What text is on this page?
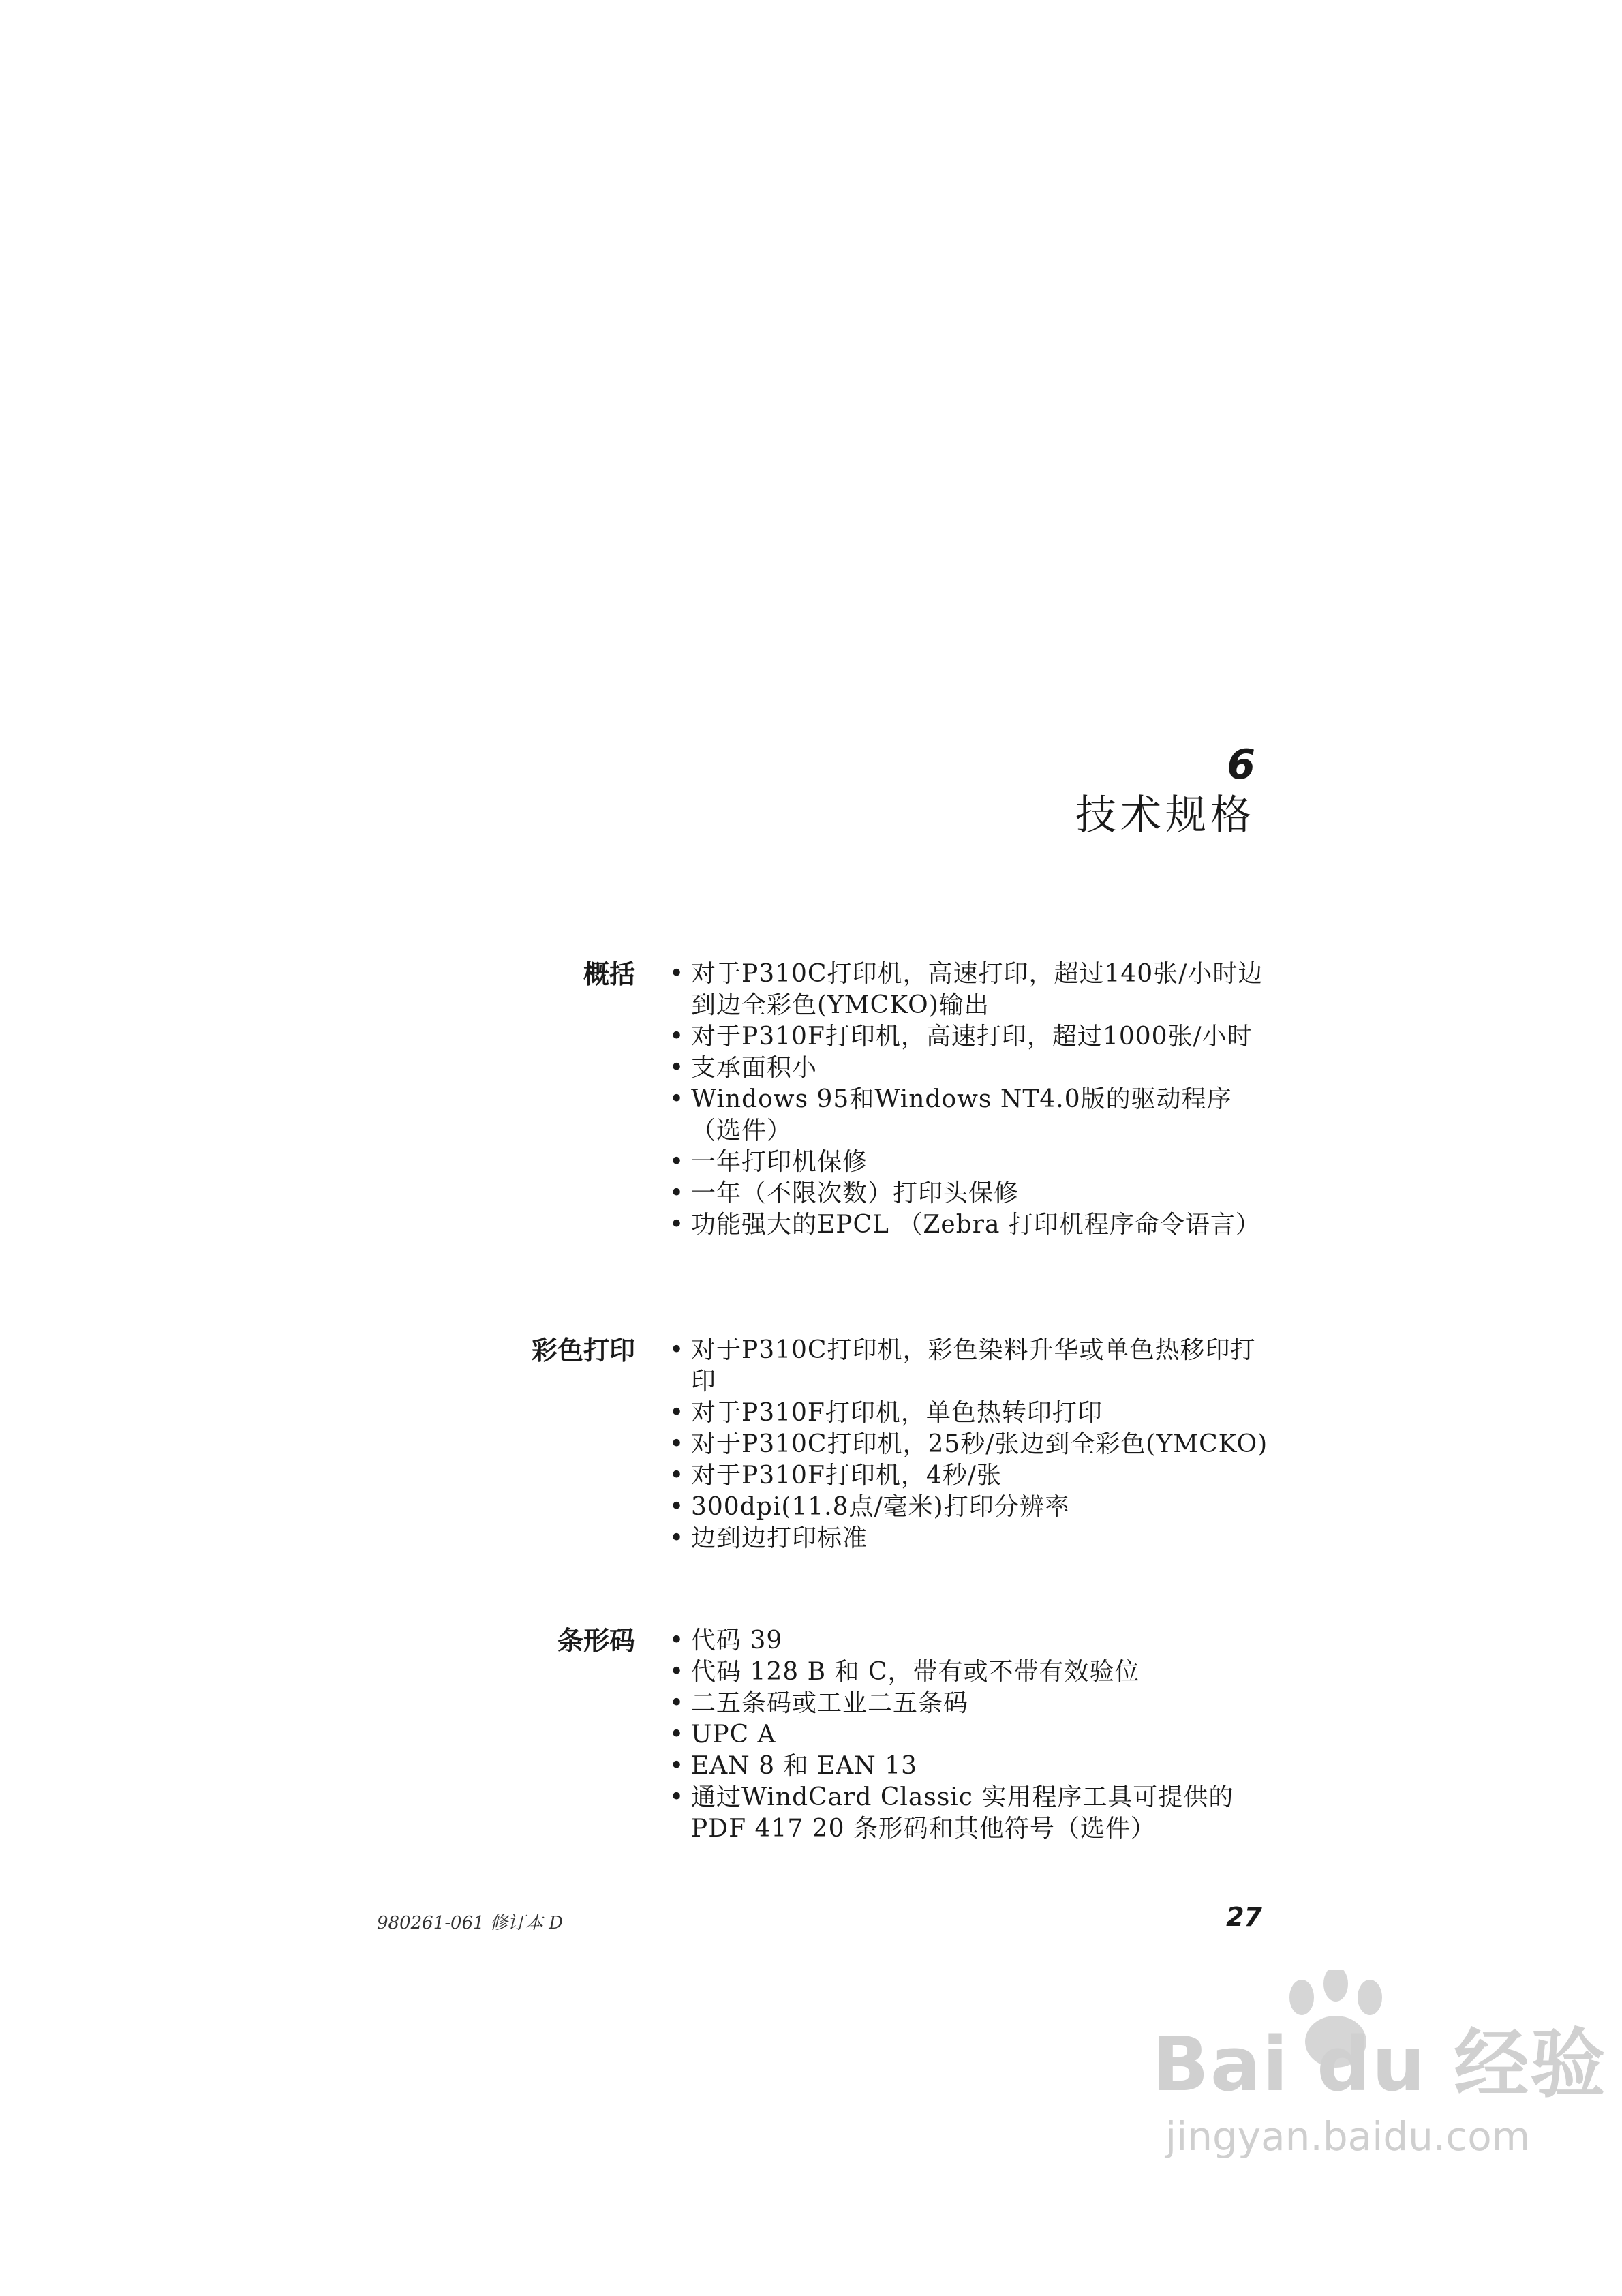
6
技术规格
概括 • 对于P310C打印机，高速打印，超过140张/小时边到边全彩色(YMCKO)输出
• 对于P310F打印机，高速打印，超过1000张/小时
• 支承面积小
• Windows 95和Windows NT4.0版的驱动程序（选件）
• 一年打印机保修
• 一年（不限次数）打印头保修
• 功能强大的EPCL （Zebra 打印机程序命令语言）
彩色打印 • 对于P310C打印机，彩色染料升华或单色热移印打印
• 对于P310F打印机，单色热转印打印
• 对于P310C打印机，25秒/张边到全彩色(YMCKO)
• 对于P310F打印机，4秒/张
• 300dpi(11.8点/毫米)打印分辨率
• 边到边打印标准
条形码 • 代码 39
• 代码 128 B 和 C，带有或不带有效验位
• 二五条码或工业二五条码
• UPC A
• EAN 8 和 EAN 13
• 通过WindCard Classic 实用程序工具可提供的PDF 417 20 条形码和其他符号（选件）
980261-061 修订本 D	27
Bai du 经验
jingyan.baidu.com
